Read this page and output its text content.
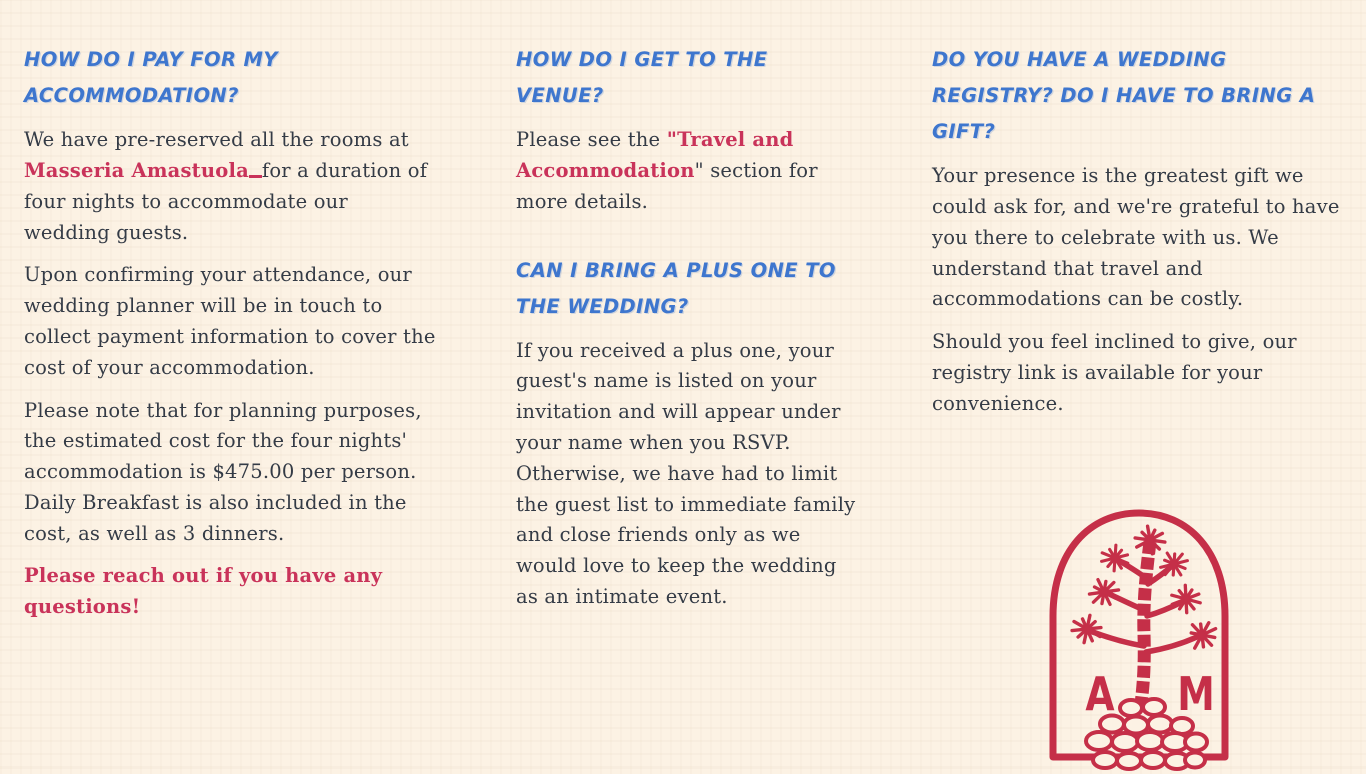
HOW DO I PAY FOR MY ACCOMMODATION?

We have pre-reserved all the rooms at Masseria Amastuola for a duration of four nights to accommodate our wedding guests.

Upon confirming your attendance, our wedding planner will be in touch to collect payment information to cover the cost of your accommodation.

Please note that for planning purposes, the estimated cost for the four nights' accommodation is $475.00 per person. Daily Breakfast is also included in the cost, as well as 3 dinners.

Please reach out if you have any questions!

HOW DO I GET TO THE VENUE?

Please see the "Travel and Accommodation" section for more details.

CAN I BRING A PLUS ONE TO THE WEDDING?

If you received a plus one, your guest's name is listed on your invitation and will appear under your name when you RSVP. Otherwise, we have had to limit the guest list to immediate family and close friends only as we would love to keep the wedding as an intimate event.

DO YOU HAVE A WEDDING REGISTRY? DO I HAVE TO BRING A GIFT?

Your presence is the greatest gift we could ask for, and we're grateful to have you there to celebrate with us. We understand that travel and accommodations can be costly.

Should you feel inclined to give, our registry link is available for your convenience.

A M
